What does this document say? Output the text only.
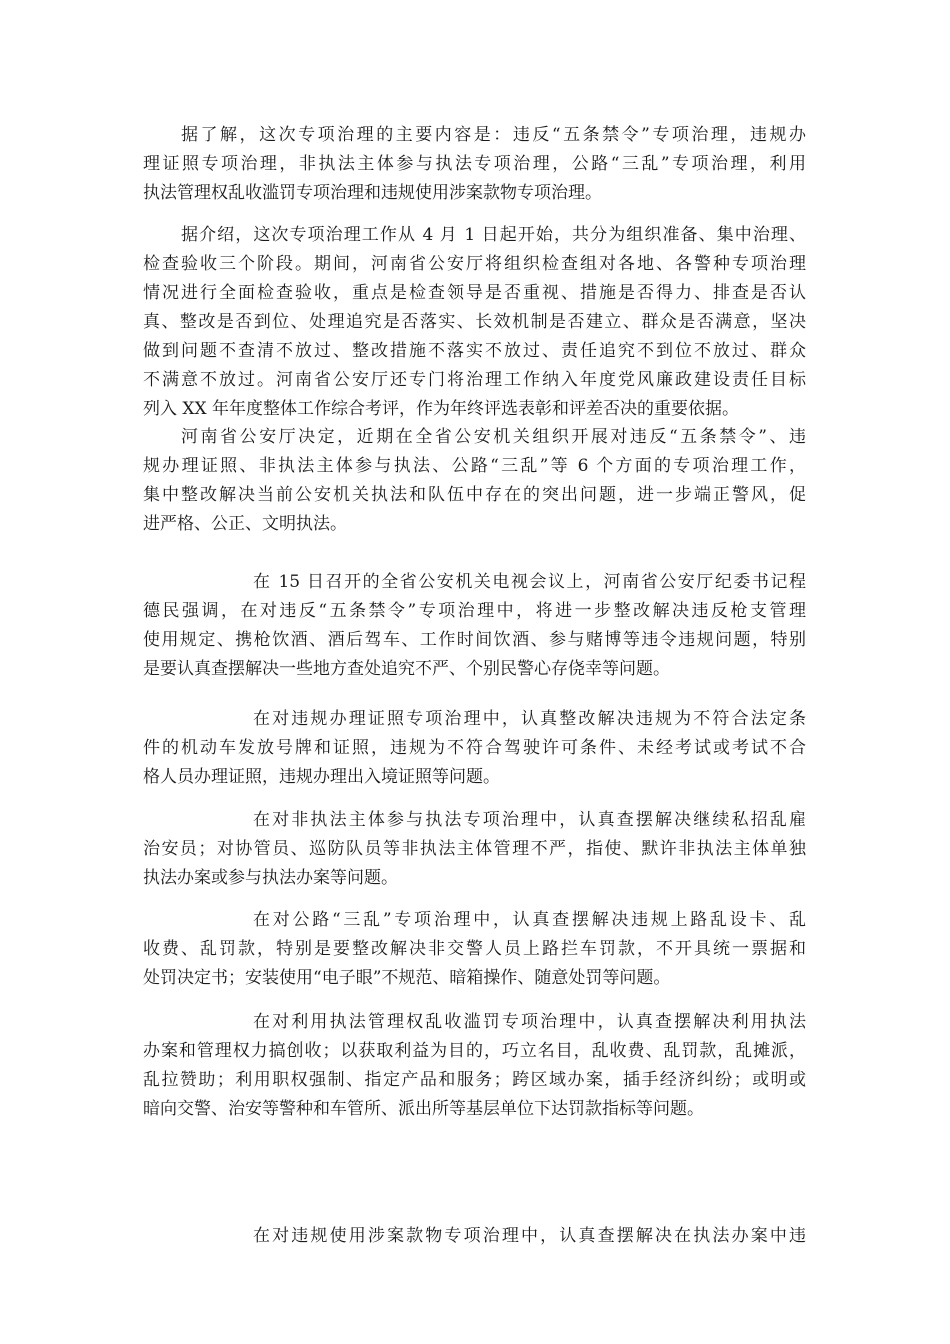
据了解，这次专项治理的主要内容是：违反“五条禁令”专项治理，违规办
理证照专项治理，非执法主体参与执法专项治理，公路“三乱”专项治理，利用
执法管理权乱收滥罚专项治理和违规使用涉案款物专项治理。
据介绍，这次专项治理工作从 4 月 1 日起开始，共分为组织准备、集中治理、
检查验收三个阶段。期间，河南省公安厅将组织检查组对各地、各警种专项治理
情况进行全面检查验收，重点是检查领导是否重视、措施是否得力、排查是否认
真、整改是否到位、处理追究是否落实、长效机制是否建立、群众是否满意，坚决
做到问题不查清不放过、整改措施不落实不放过、责任追究不到位不放过、群众
不满意不放过。河南省公安厅还专门将治理工作纳入年度党风廉政建设责任目标
列入 XX 年年度整体工作综合考评，作为年终评选表彰和评差否决的重要依据。
河南省公安厅决定，近期在全省公安机关组织开展对违反“五条禁令”、违
规办理证照、非执法主体参与执法、公路“三乱”等 6 个方面的专项治理工作，
集中整改解决当前公安机关执法和队伍中存在的突出问题，进一步端正警风，促
进严格、公正、文明执法。
在 15 日召开的全省公安机关电视会议上，河南省公安厅纪委书记程
德民强调，在对违反“五条禁令”专项治理中，将进一步整改解决违反枪支管理
使用规定、携枪饮酒、酒后驾车、工作时间饮酒、参与赌博等违令违规问题，特别
是要认真查摆解决一些地方查处追究不严、个别民警心存侥幸等问题。
在对违规办理证照专项治理中，认真整改解决违规为不符合法定条
件的机动车发放号牌和证照，违规为不符合驾驶许可条件、未经考试或考试不合
格人员办理证照，违规办理出入境证照等问题。
在对非执法主体参与执法专项治理中，认真查摆解决继续私招乱雇
治安员；对协管员、巡防队员等非执法主体管理不严，指使、默许非执法主体单独
执法办案或参与执法办案等问题。
在对公路“三乱”专项治理中，认真查摆解决违规上路乱设卡、乱
收费、乱罚款，特别是要整改解决非交警人员上路拦车罚款，不开具统一票据和
处罚决定书；安装使用“电子眼”不规范、暗箱操作、随意处罚等问题。
在对利用执法管理权乱收滥罚专项治理中，认真查摆解决利用执法
办案和管理权力搞创收；以获取利益为目的，巧立名目，乱收费、乱罚款，乱摊派，
乱拉赞助；利用职权强制、指定产品和服务；跨区域办案，插手经济纠纷；或明或
暗向交警、治安等警种和车管所、派出所等基层单位下达罚款指标等问题。
在对违规使用涉案款物专项治理中，认真查摆解决在执法办案中违
